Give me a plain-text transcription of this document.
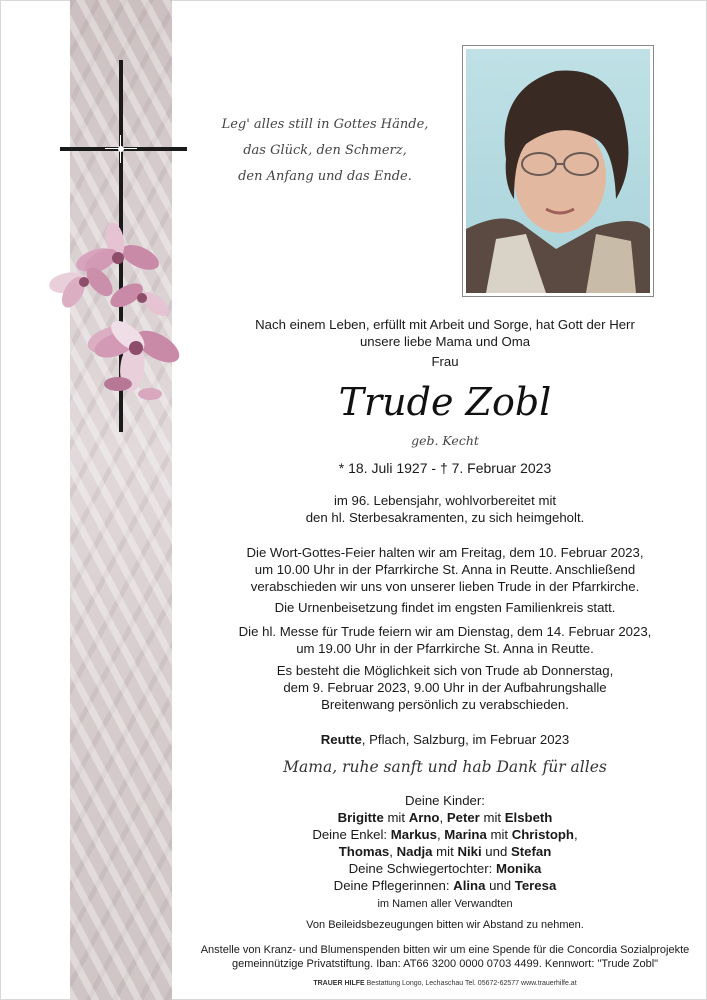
Leg' alles still in Gottes Hände,
das Glück, den Schmerz,
den Anfang und das Ende.
Nach einem Leben, erfüllt mit Arbeit und Sorge, hat Gott der Herr
unsere liebe Mama und Oma
Frau
Trude Zobl
geb. Kecht
* 18. Juli 1927 - † 7. Februar 2023
im 96. Lebensjahr, wohlvorbereitet mit
den hl. Sterbesakramenten, zu sich heimgeholt.
Die Wort-Gottes-Feier halten wir am Freitag, dem 10. Februar 2023,
um 10.00 Uhr in der Pfarrkirche St. Anna in Reutte. Anschließend
verabschieden wir uns von unserer lieben Trude in der Pfarrkirche.
Die Urnenbeisetzung findet im engsten Familienkreis statt.
Die hl. Messe für Trude feiern wir am Dienstag, dem 14. Februar 2023,
um 19.00 Uhr in der Pfarrkirche St. Anna in Reutte.
Es besteht die Möglichkeit sich von Trude ab Donnerstag,
dem 9. Februar 2023, 9.00 Uhr in der Aufbahrungshalle
Breitenwang persönlich zu verabschieden.
Reutte, Pflach, Salzburg, im Februar 2023
Mama, ruhe sanft und hab Dank für alles
Deine Kinder:
Brigitte mit Arno, Peter mit Elsbeth
Deine Enkel: Markus, Marina mit Christoph,
Thomas, Nadja mit Niki und Stefan
Deine Schwiegertochter: Monika
Deine Pflegerinnen: Alina und Teresa
im Namen aller Verwandten
Von Beileidsbezeugungen bitten wir Abstand zu nehmen.
Anstelle von Kranz- und Blumenspenden bitten wir um eine Spende für die Concordia Sozialprojekte
gemeinnützige Privatstiftung. Iban: AT66 3200 0000 0703 4499. Kennwort: "Trude Zobl"
TRAUER HILFE Bestattung Longo, Lechaschau Tel. 05672-62577 www.trauerhilfe.at
